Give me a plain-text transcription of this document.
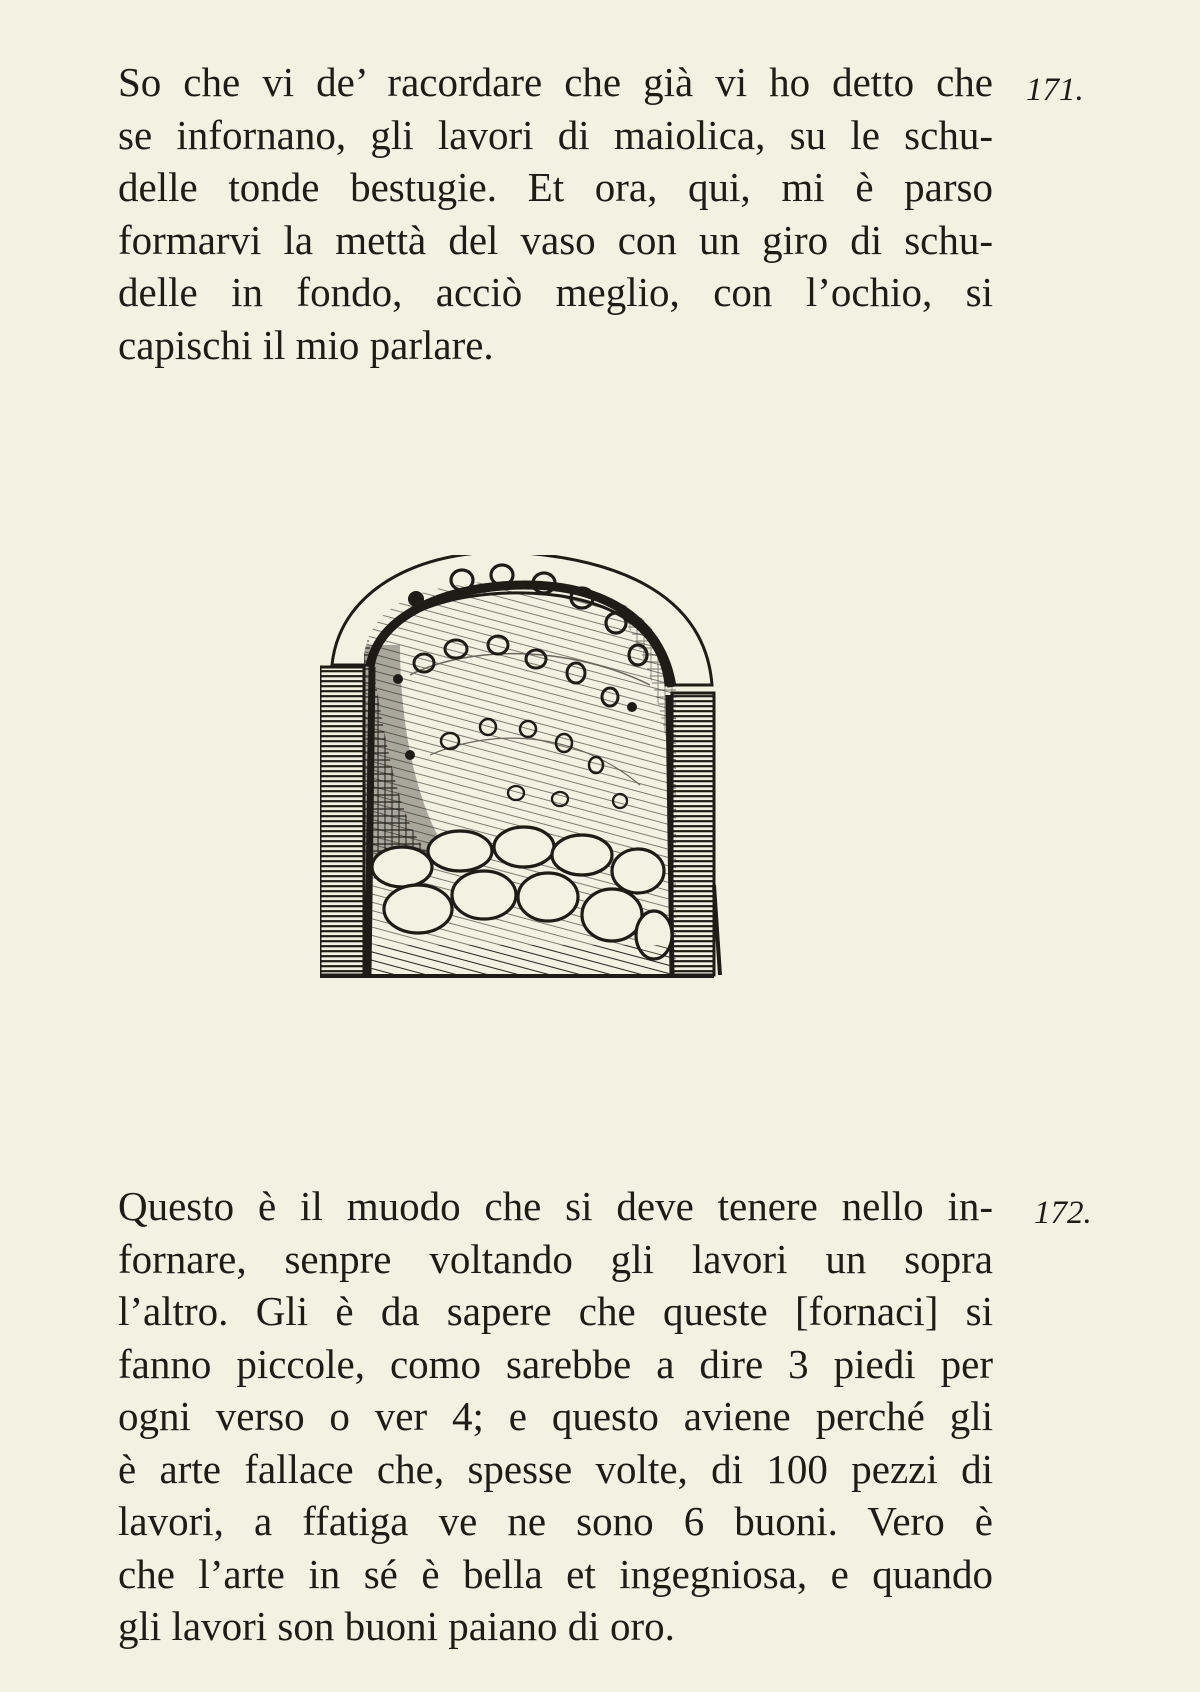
171.
So che vi de’ racordare che già vi ho detto che
se infornano, gli lavori di maiolica, su le schu-
delle tonde bestugie. Et ora, qui, mi è parso
formarvi la mettà del vaso con un giro di schu-
delle in fondo, acciò meglio, con l’ochio, si
capischi il mio parlare.
172.
Questo è il muodo che si deve tenere nello in-
fornare, senpre voltando gli lavori un sopra
l’altro. Gli è da sapere che queste [fornaci] si
fanno piccole, como sarebbe a dire 3 piedi per
ogni verso o ver 4; e questo aviene perché gli
è arte fallace che, spesse volte, di 100 pezzi di
lavori, a ffatiga ve ne sono 6 buoni. Vero è
che l’arte in sé è bella et ingegniosa, e quando
gli lavori son buoni paiano di oro.
